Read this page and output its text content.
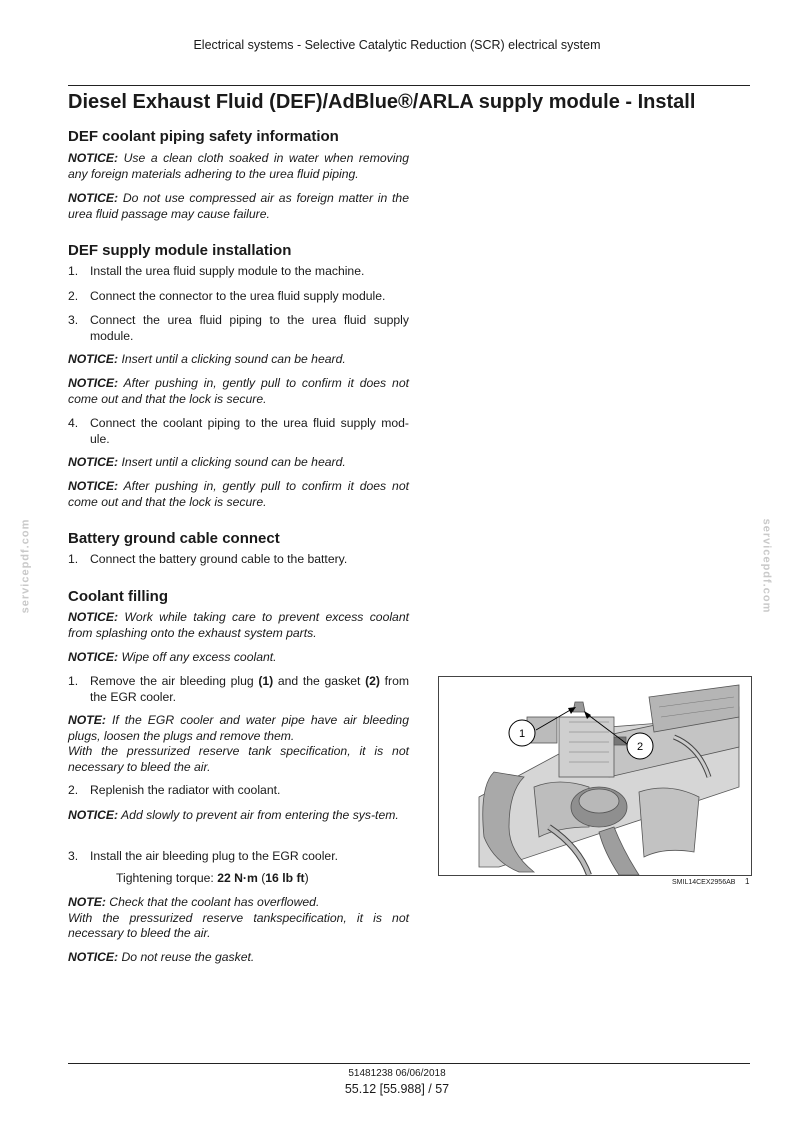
Electrical systems - Selective Catalytic Reduction (SCR) electrical system
Diesel Exhaust Fluid (DEF)/AdBlue®/ARLA supply module - Install
DEF coolant piping safety information

NOTICE: Use a clean cloth soaked in water when removing any foreign materials adhering to the urea fluid piping.

NOTICE: Do not use compressed air as foreign matter in the urea fluid passage may cause failure.

DEF supply module installation
1. Install the urea fluid supply module to the machine.
2. Connect the connector to the urea fluid supply module.
3. Connect the urea fluid piping to the urea fluid supply module.

NOTICE: Insert until a clicking sound can be heard.

NOTICE: After pushing in, gently pull to confirm it does not come out and that the lock is secure.

4. Connect the coolant piping to the urea fluid supply mod-ule.

NOTICE: Insert until a clicking sound can be heard.

NOTICE: After pushing in, gently pull to confirm it does not come out and that the lock is secure.

Battery ground cable connect
1. Connect the battery ground cable to the battery.
Coolant filling

NOTICE: Work while taking care to prevent excess coolant from splashing onto the exhaust system parts.

NOTICE: Wipe off any excess coolant.

1. Remove the air bleeding plug (1) and the gasket (2) from the EGR cooler.

NOTE: If the EGR cooler and water pipe have air bleeding plugs, loosen the plugs and remove them.
With the pressurized reserve tank specification, it is not necessary to bleed the air.

2. Replenish the radiator with coolant.

NOTICE: Add slowly to prevent air from entering the sys-tem.

3. Install the air bleeding plug to the EGR cooler.

Tightening torque: 22 N·m (16 lb ft)

NOTE: Check that the coolant has overflowed.
With the pressurized reserve tankspecification, it is not necessary to bleed the air.

NOTICE: Do not reuse the gasket.

1
2
SMIL14CEX2956AB 1
servicepdf.com	servicepdf.com
51481238 06/06/2018
55.12 [55.988] / 57
